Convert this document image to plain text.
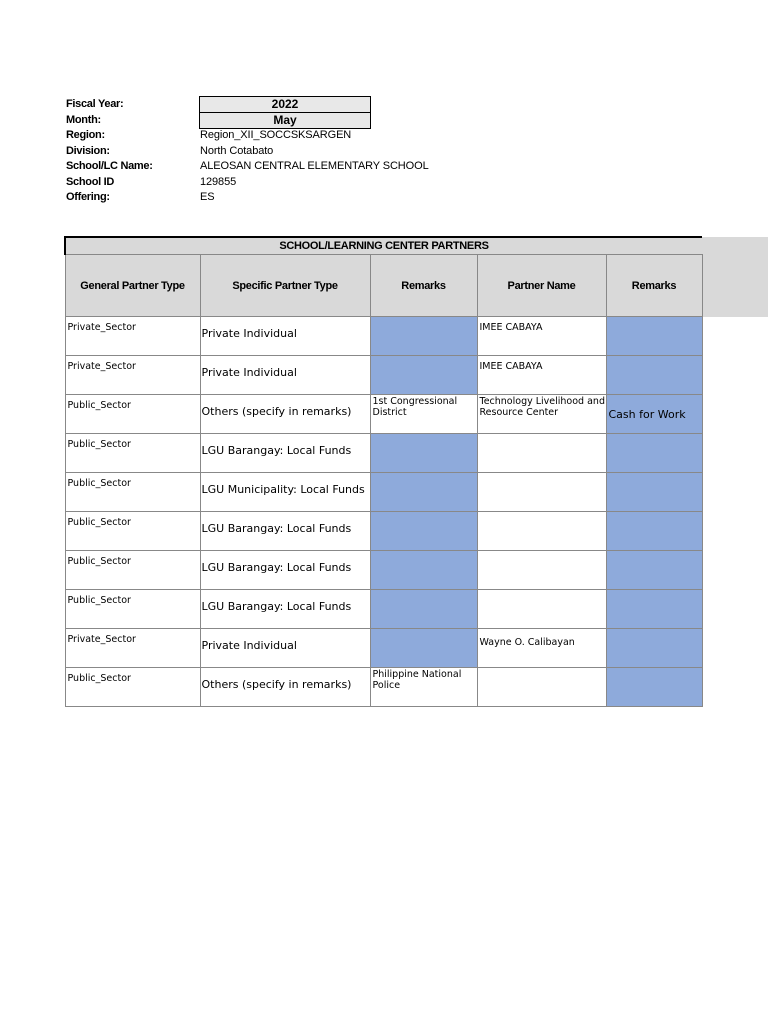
Fiscal Year:	2022
Month:	May
Region:	Region_XII_SOCCSKSARGEN
Division:	North Cotabato
School/LC Name:	ALEOSAN CENTRAL ELEMENTARY SCHOOL
School ID	129855
Offering:	ES
SCHOOL/LEARNING CENTER PARTNERS				
General Partner Type	Specific Partner Type	Remarks	Partner Name	Remarks
Private_Sector	Private Individual		IMEE CABAYA	
Private_Sector	Private Individual		IMEE CABAYA	
Public_Sector	Others (specify in remarks)	1st Congressional District	Technology Livelihood and Resource Center	Cash for Work
Public_Sector	LGU Barangay: Local Funds			
Public_Sector	LGU Municipality: Local Funds			
Public_Sector	LGU Barangay: Local Funds			
Public_Sector	LGU Barangay: Local Funds			
Public_Sector	LGU Barangay: Local Funds			
Private_Sector	Private Individual		Wayne O. Calibayan	
Public_Sector	Others (specify in remarks)	Philippine National Police		
